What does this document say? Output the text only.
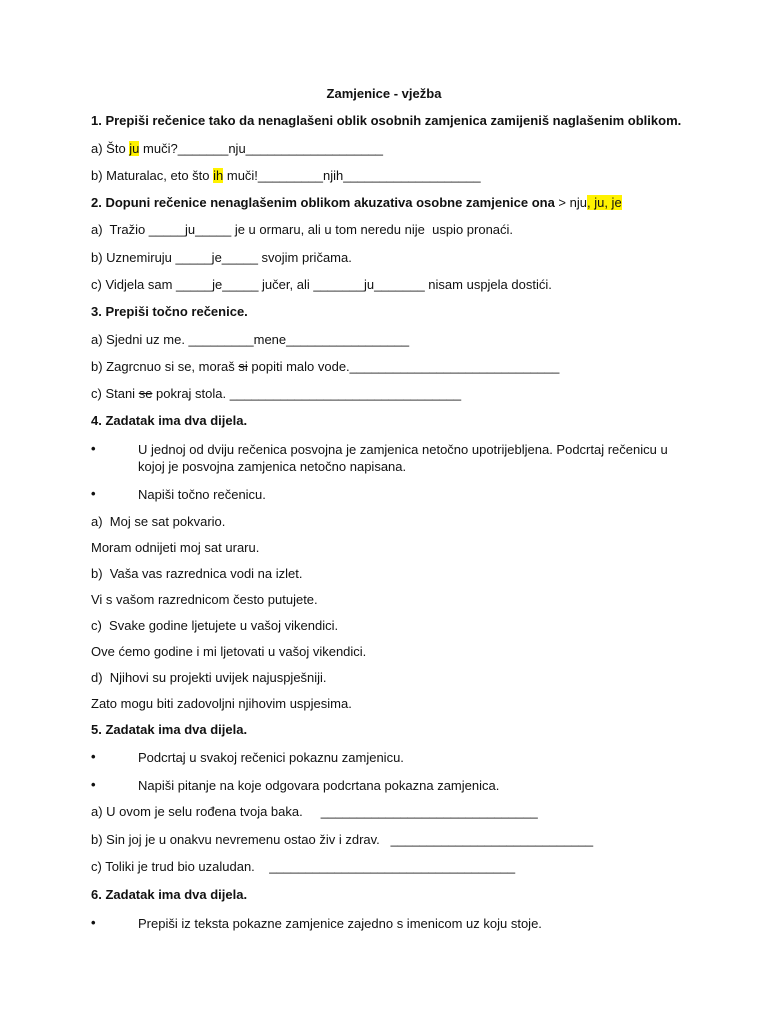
Zamjenice - vježba
1. Prepiši rečenice tako da nenaglašeni oblik osobnih zamjenica zamijeniš naglašenim oblikom.
a) Što ju muči?_______nju___________________
b) Maturalac, eto što ih muči!_________njih___________________
2. Dopuni rečenice nenaglašenim oblikom akuzativa osobne zamjenice ona > nju, ju, je
a)  Tražio _____ju_____ je u ormaru, ali u tom neredu nije  uspio pronaći.
b) Uznemiruju _____je_____ svojim pričama.
c) Vidjela sam _____je_____ jučer, ali _______ju_______ nisam uspjela dostići.
3. Prepiši točno rečenice.
a) Sjedni uz me. _________mene_________________
b) Zagrcnuo si se, moraš si popiti malo vode._____________________________
c) Stani se pokraj stola. ________________________________
4. Zadatak ima dva dijela.
•	U jednoj od dviju rečenica posvojna je zamjenica netočno upotrijebljena. Podcrtaj rečenicu u kojoj je posvojna zamjenica netočno napisana.
•	Napiši točno rečenicu.
a)  Moj se sat pokvario.
Moram odnijeti moj sat uraru.
b)  Vaša vas razrednica vodi na izlet.
Vi s vašom razrednicom često putujete.
c)  Svake godine ljetujete u vašoj vikendici.
Ove ćemo godine i mi ljetovati u vašoj vikendici.
d)  Njihovi su projekti uvijek najuspješniji.
Zato mogu biti zadovoljni njihovim uspjesima.
5. Zadatak ima dva dijela.
•	Podcrtaj u svakoj rečenici pokaznu zamjenicu.
•	Napiši pitanje na koje odgovara podcrtana pokazna zamjenica.
a) U ovom je selu rođena tvoja baka.     ______________________________
b) Sin joj je u onakvu nevremenu ostao živ i zdrav.   ____________________________
c) Toliki je trud bio uzaludan.    __________________________________
6. Zadatak ima dva dijela.
•	Prepiši iz teksta pokazne zamjenice zajedno s imenicom uz koju stoje.
